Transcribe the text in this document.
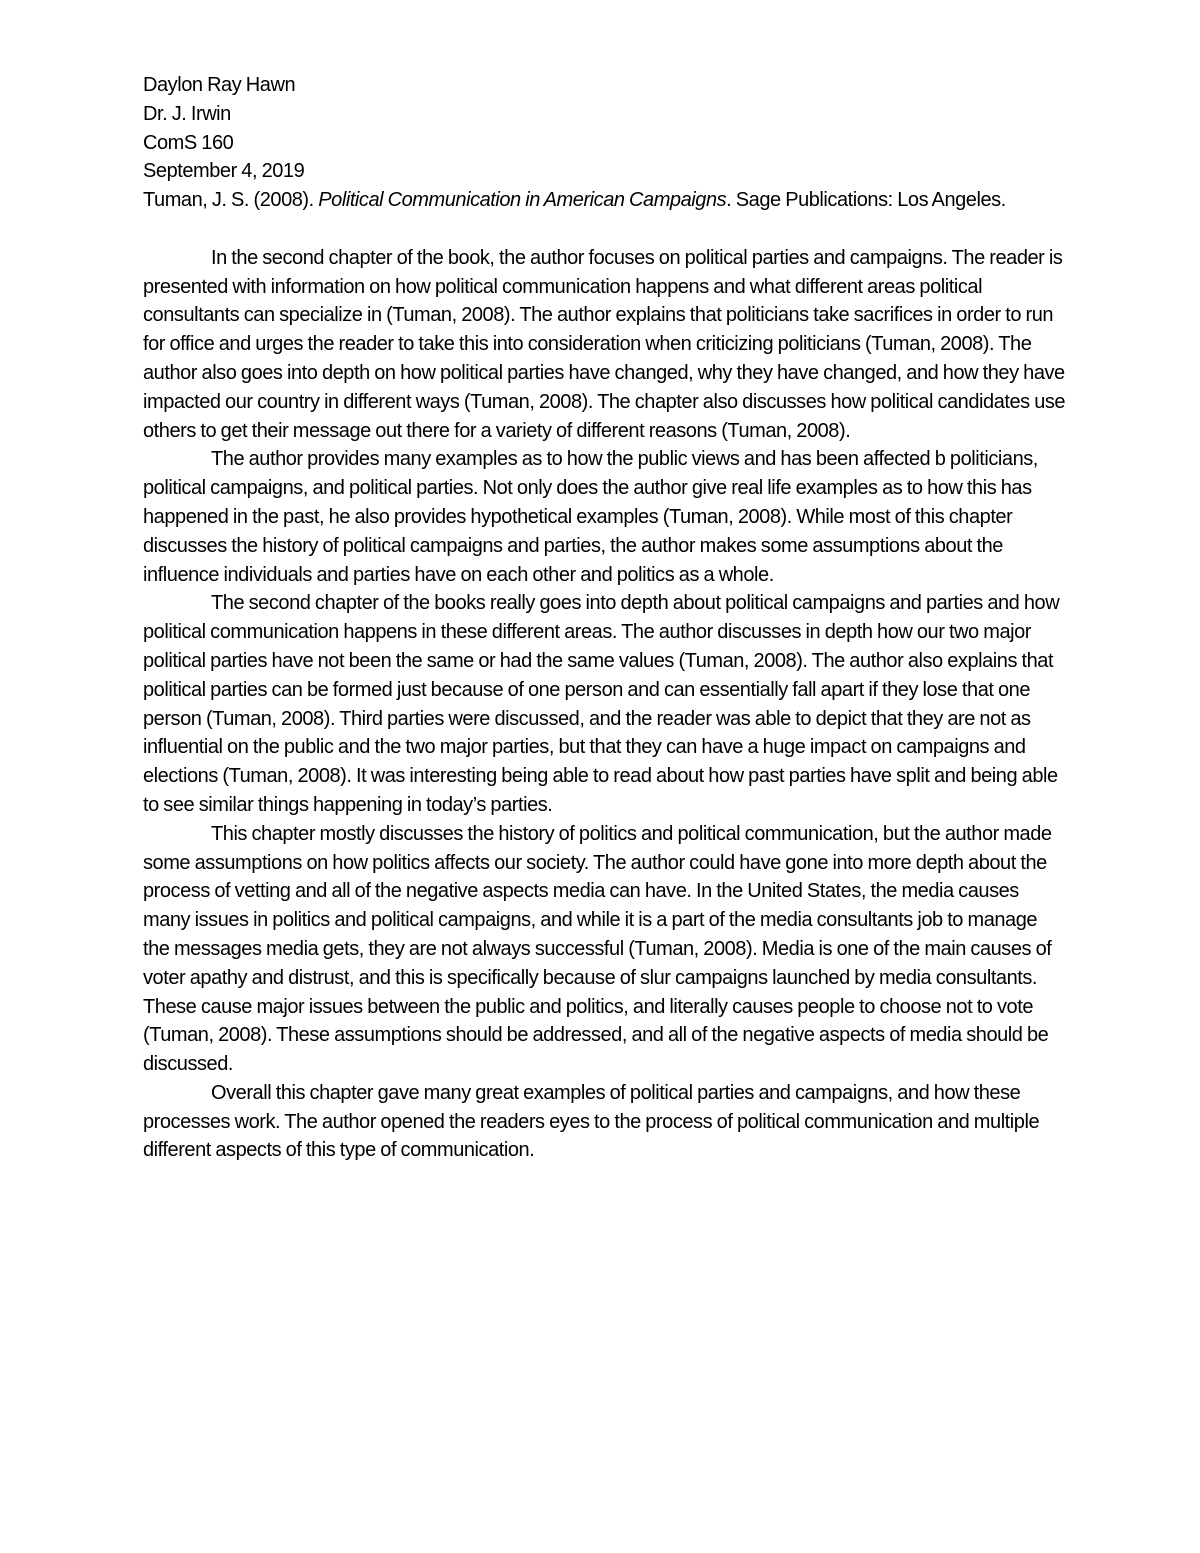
Daylon Ray Hawn

Dr. J. Irwin

ComS 160

September 4, 2019

Tuman, J. S. (2008). Political Communication in American Campaigns. Sage Publications: Los Angeles.

In the second chapter of the book, the author focuses on political parties and campaigns. The reader is presented with information on how political communication happens and what different areas political consultants can specialize in (Tuman, 2008). The author explains that politicians take sacrifices in order to run for office and urges the reader to take this into consideration when criticizing politicians (Tuman, 2008). The author also goes into depth on how political parties have changed, why they have changed, and how they have impacted our country in different ways (Tuman, 2008). The chapter also discusses how political candidates use others to get their message out there for a variety of different reasons (Tuman, 2008).

The author provides many examples as to how the public views and has been affected b politicians, political campaigns, and political parties. Not only does the author give real life examples as to how this has happened in the past, he also provides hypothetical examples (Tuman, 2008). While most of this chapter discusses the history of political campaigns and parties, the author makes some assumptions about the influence individuals and parties have on each other and politics as a whole.

The second chapter of the books really goes into depth about political campaigns and parties and how political communication happens in these different areas. The author discusses in depth how our two major political parties have not been the same or had the same values (Tuman, 2008). The author also explains that political parties can be formed just because of one person and can essentially fall apart if they lose that one person (Tuman, 2008). Third parties were discussed, and the reader was able to depict that they are not as influential on the public and the two major parties, but that they can have a huge impact on campaigns and elections (Tuman, 2008). It was interesting being able to read about how past parties have split and being able to see similar things happening in today’s parties.

This chapter mostly discusses the history of politics and political communication, but the author made some assumptions on how politics affects our society. The author could have gone into more depth about the process of vetting and all of the negative aspects media can have. In the United States, the media causes many issues in politics and political campaigns, and while it is a part of the media consultants job to manage the messages media gets, they are not always successful (Tuman, 2008). Media is one of the main causes of voter apathy and distrust, and this is specifically because of slur campaigns launched by media consultants. These cause major issues between the public and politics, and literally causes people to choose not to vote (Tuman, 2008). These assumptions should be addressed, and all of the negative aspects of media should be discussed.

Overall this chapter gave many great examples of political parties and campaigns, and how these processes work. The author opened the readers eyes to the process of political communication and multiple different aspects of this type of communication.
